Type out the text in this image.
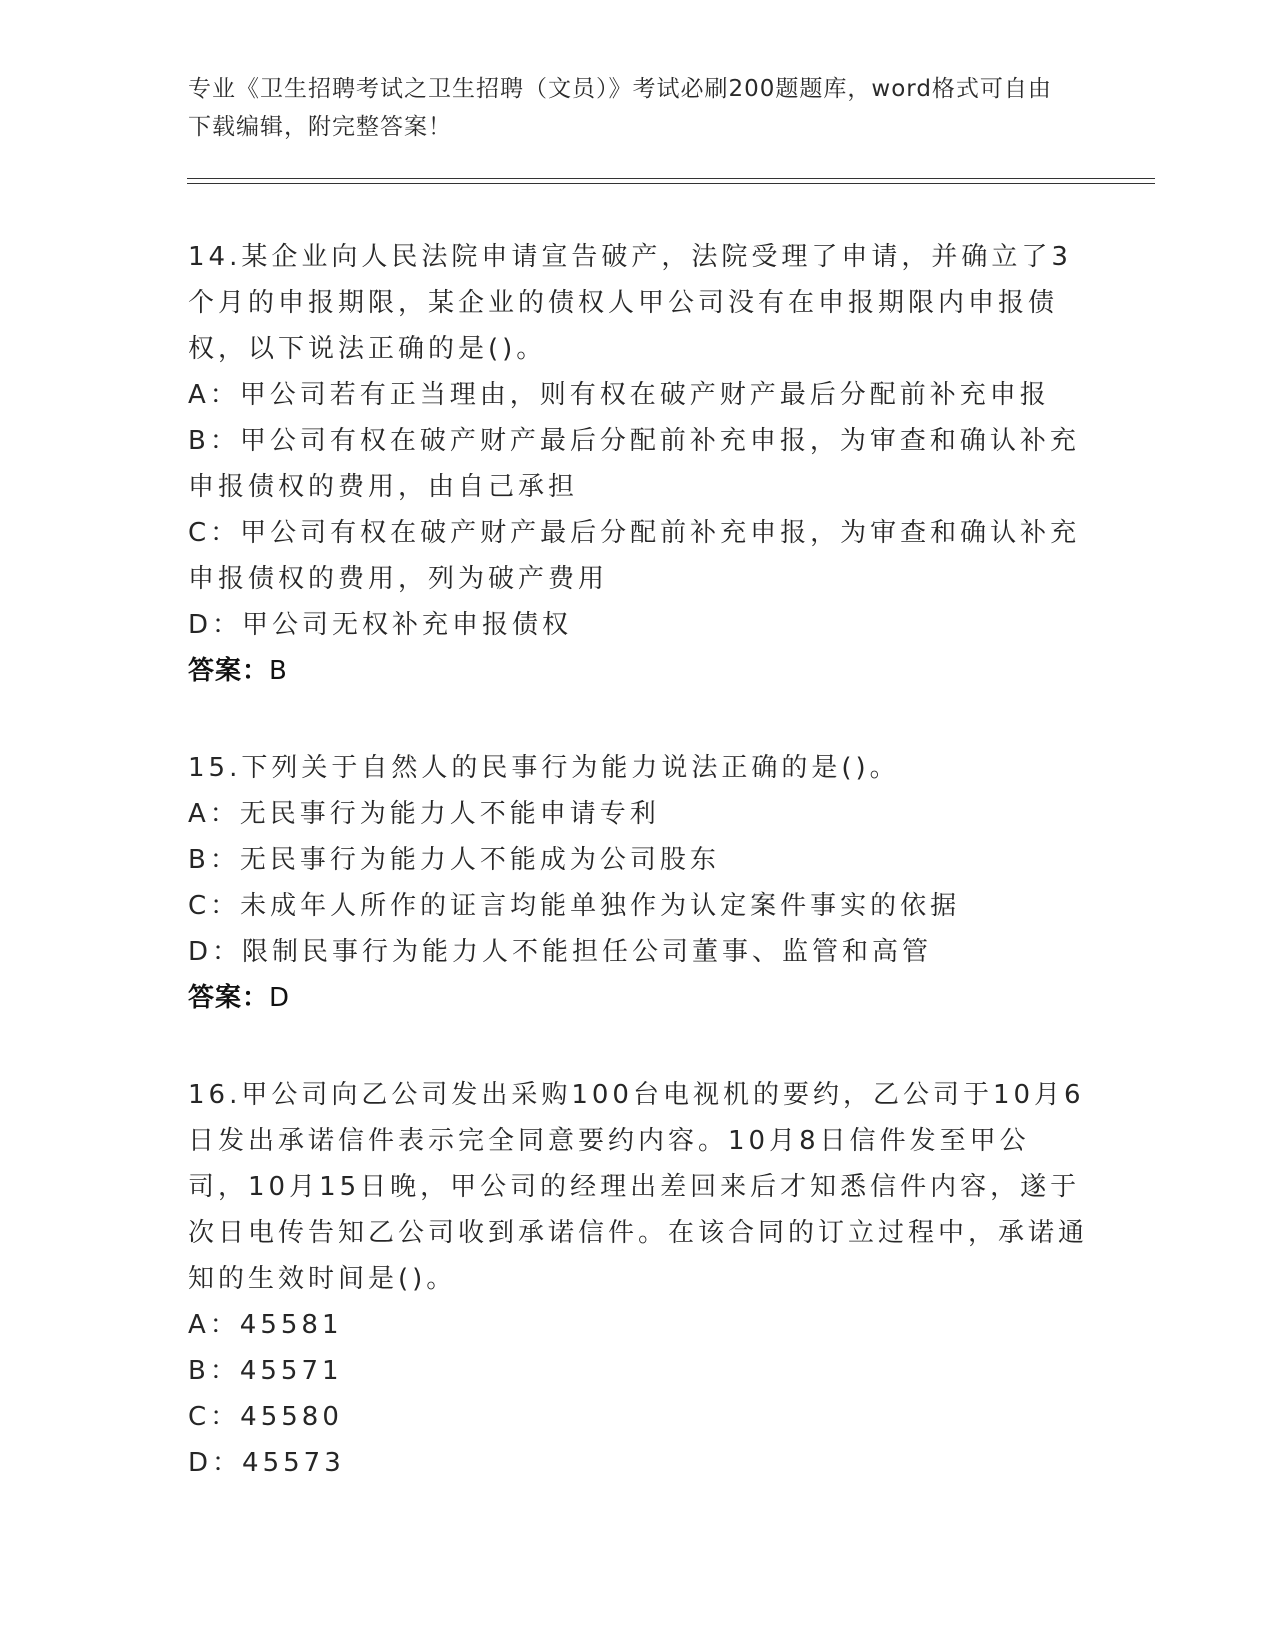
专业《卫生招聘考试之卫生招聘（文员）》考试必刷200题题库，word格式可自由下载编辑，附完整答案！
14.某企业向人民法院申请宣告破产，法院受理了申请，并确立了3个月的申报期限，某企业的债权人甲公司没有在申报期限内申报债权，以下说法正确的是()。
A：甲公司若有正当理由，则有权在破产财产最后分配前补充申报
B：甲公司有权在破产财产最后分配前补充申报，为审查和确认补充申报债权的费用，由自己承担
C：甲公司有权在破产财产最后分配前补充申报，为审查和确认补充申报债权的费用，列为破产费用
D：甲公司无权补充申报债权
答案：B
15.下列关于自然人的民事行为能力说法正确的是()。
A：无民事行为能力人不能申请专利
B：无民事行为能力人不能成为公司股东
C：未成年人所作的证言均能单独作为认定案件事实的依据
D：限制民事行为能力人不能担任公司董事、监管和高管
答案：D
16.甲公司向乙公司发出采购100台电视机的要约，乙公司于10月6日发出承诺信件表示完全同意要约内容。10月8日信件发至甲公司，10月15日晚，甲公司的经理出差回来后才知悉信件内容，遂于次日电传告知乙公司收到承诺信件。在该合同的订立过程中，承诺通知的生效时间是()。
A：45581
B：45571
C：45580
D：45573
